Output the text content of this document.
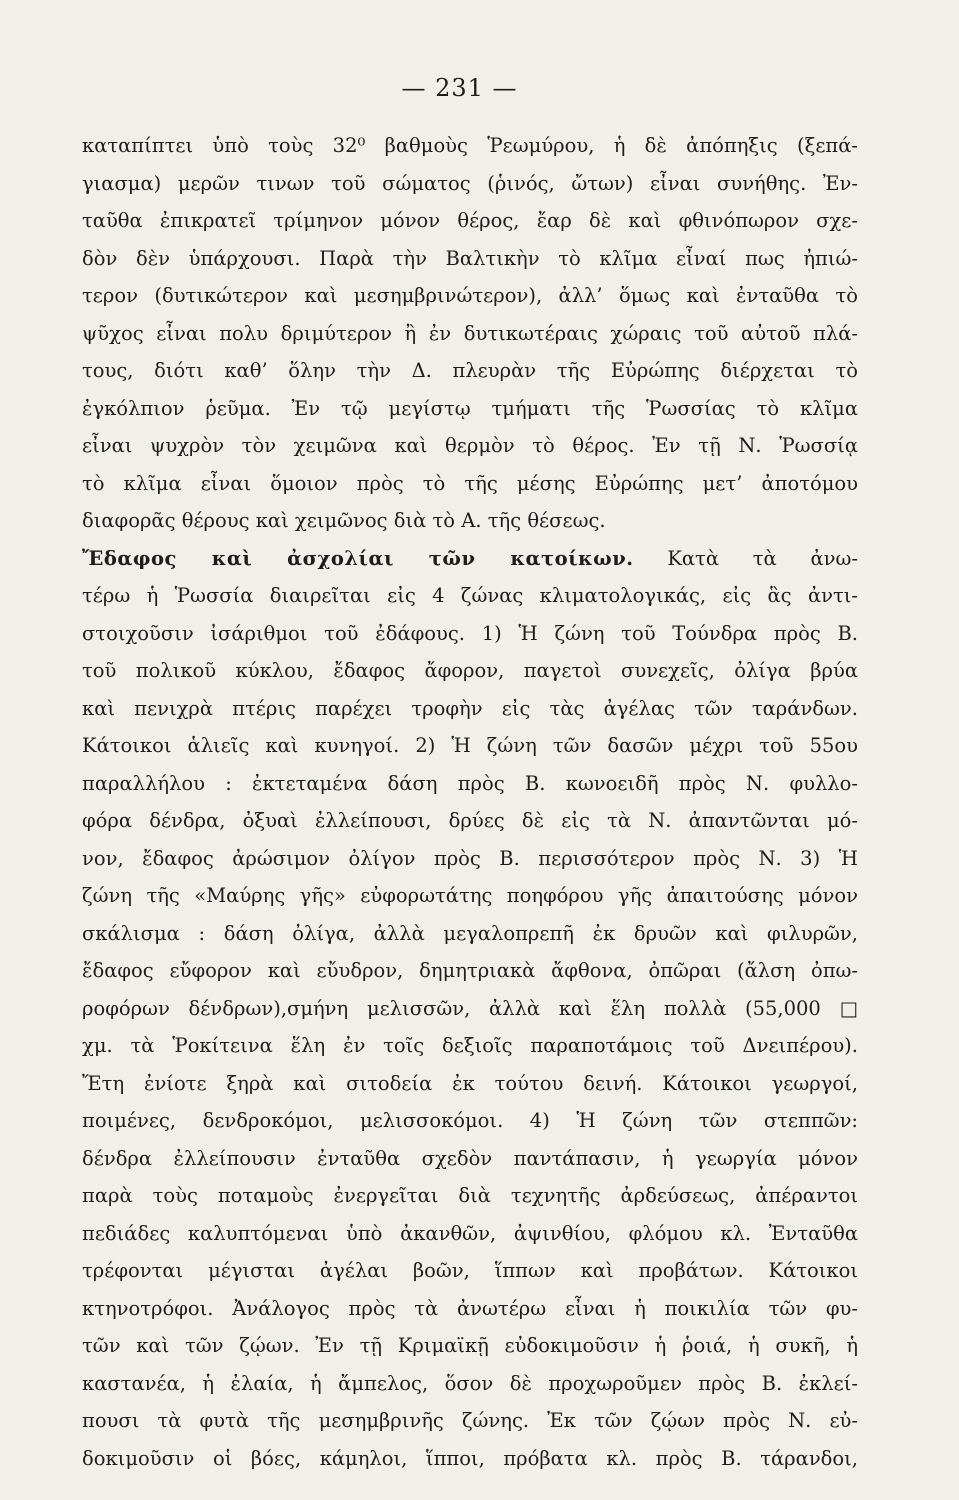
— 231 —
καταπίπτει ὑπὸ τοὺς 32⁰ βαθμοὺς Ῥεωμύρου, ἡ δὲ ἀπόπηξις (ξεπά-
γιασμα) μερῶν τινων τοῦ σώματος (ῥινός, ὤτων) εἶναι συνήθης. Ἐν-
ταῦθα ἐπικρατεῖ τρίμηνον μόνον θέρος, ἔαρ δὲ καὶ φθινόπωρον σχε-
δὸν δὲν ὑπάρχουσι. Παρὰ τὴν Βαλτικὴν τὸ κλῖμα εἶναί πως ἠπιώ-
τερον (δυτικώτερον καὶ μεσημβρινώτερον), ἀλλ’ ὅμως καὶ ἐνταῦθα τὸ
ψῦχος εἶναι πολυ δριμύτερον ἢ ἐν δυτικωτέραις χώραις τοῦ αὐτοῦ πλά-
τους, διότι καθ’ ὅλην τὴν Δ. πλευρὰν τῆς Εὐρώπης διέρχεται τὸ
ἐγκόλπιον ῥεῦμα. Ἐν τῷ μεγίστῳ τμήματι τῆς Ῥωσσίας τὸ κλῖμα
εἶναι ψυχρὸν τὸν χειμῶνα καὶ θερμὸν τὸ θέρος. Ἐν τῇ Ν. Ῥωσσίᾳ
τὸ κλῖμα εἶναι ὅμοιον πρὸς τὸ τῆς μέσης Εὐρώπης μετ’ ἀποτόμου
διαφορᾶς θέρους καὶ χειμῶνος διὰ τὸ Α. τῆς θέσεως.
Ἔδαφος καὶ ἀσχολίαι τῶν κατοίκων. Κατὰ τὰ ἀνω-
τέρω ἡ Ῥωσσία διαιρεῖται εἰς 4 ζώνας κλιματολογικάς, εἰς ἃς ἀντι-
στοιχοῦσιν ἰσάριθμοι τοῦ ἐδάφους. 1) Ἡ ζώνη τοῦ Τούνδρα πρὸς Β.
τοῦ πολικοῦ κύκλου, ἔδαφος ἄφορον, παγετοὶ συνεχεῖς, ὀλίγα βρύα
καὶ πενιχρὰ πτέρις παρέχει τροφὴν εἰς τὰς ἀγέλας τῶν ταράνδων.
Κάτοικοι ἁλιεῖς καὶ κυνηγοί. 2) Ἡ ζώνη τῶν δασῶν μέχρι τοῦ 55ου
παραλλήλου : ἐκτεταμένα δάση πρὸς Β. κωνοειδῆ πρὸς Ν. φυλλο-
φόρα δένδρα, ὀξυαὶ ἐλλείπουσι, δρύες δὲ εἰς τὰ Ν. ἀπαντῶνται μό-
νον, ἔδαφος ἀρώσιμον ὀλίγον πρὸς Β. περισσότερον πρὸς Ν. 3) Ἡ
ζώνη τῆς «Μαύρης γῆς» εὐφορωτάτης ποηφόρου γῆς ἀπαιτούσης μόνον
σκάλισμα : δάση ὀλίγα, ἀλλὰ μεγαλοπρεπῆ ἐκ δρυῶν καὶ φιλυρῶν,
ἔδαφος εὔφορον καὶ εὔυδρον, δημητριακὰ ἄφθονα, ὀπῶραι (ἄλση ὀπω-
ροφόρων δένδρων),σμήνη μελισσῶν, ἀλλὰ καὶ ἕλη πολλὰ (55,000 □
χμ. τὰ Ῥοκίτεινα ἕλη ἐν τοῖς δεξιοῖς παραποτάμοις τοῦ Δνειπέρου).
Ἔτη ἐνίοτε ξηρὰ καὶ σιτοδεία ἐκ τούτου δεινή. Κάτοικοι γεωργοί,
ποιμένες, δενδροκόμοι, μελισσοκόμοι. 4) Ἡ ζώνη τῶν στεππῶν:
δένδρα ἐλλείπουσιν ἐνταῦθα σχεδὸν παντάπασιν, ἡ γεωργία μόνον
παρὰ τοὺς ποταμοὺς ἐνεργεῖται διὰ τεχνητῆς ἀρδεύσεως, ἀπέραντοι
πεδιάδες καλυπτόμεναι ὑπὸ ἀκανθῶν, ἀψινθίου, φλόμου κλ. Ἐνταῦθα
τρέφονται μέγισται ἀγέλαι βοῶν, ἵππων καὶ προβάτων. Κάτοικοι
κτηνοτρόφοι. Ἀνάλογος πρὸς τὰ ἀνωτέρω εἶναι ἡ ποικιλία τῶν φυ-
τῶν καὶ τῶν ζῴων. Ἐν τῇ Κριμαϊκῇ εὐδοκιμοῦσιν ἡ ῥοιά, ἡ συκῆ, ἡ
καστανέα, ἡ ἐλαία, ἡ ἄμπελος, ὅσον δὲ προχωροῦμεν πρὸς Β. ἐκλεί-
πουσι τὰ φυτὰ τῆς μεσημβρινῆς ζώνης. Ἐκ τῶν ζῴων πρὸς Ν. εὐ-
δοκιμοῦσιν οἱ βόες, κάμηλοι, ἵπποι, πρόβατα κλ. πρὸς Β. τάρανδοι,
